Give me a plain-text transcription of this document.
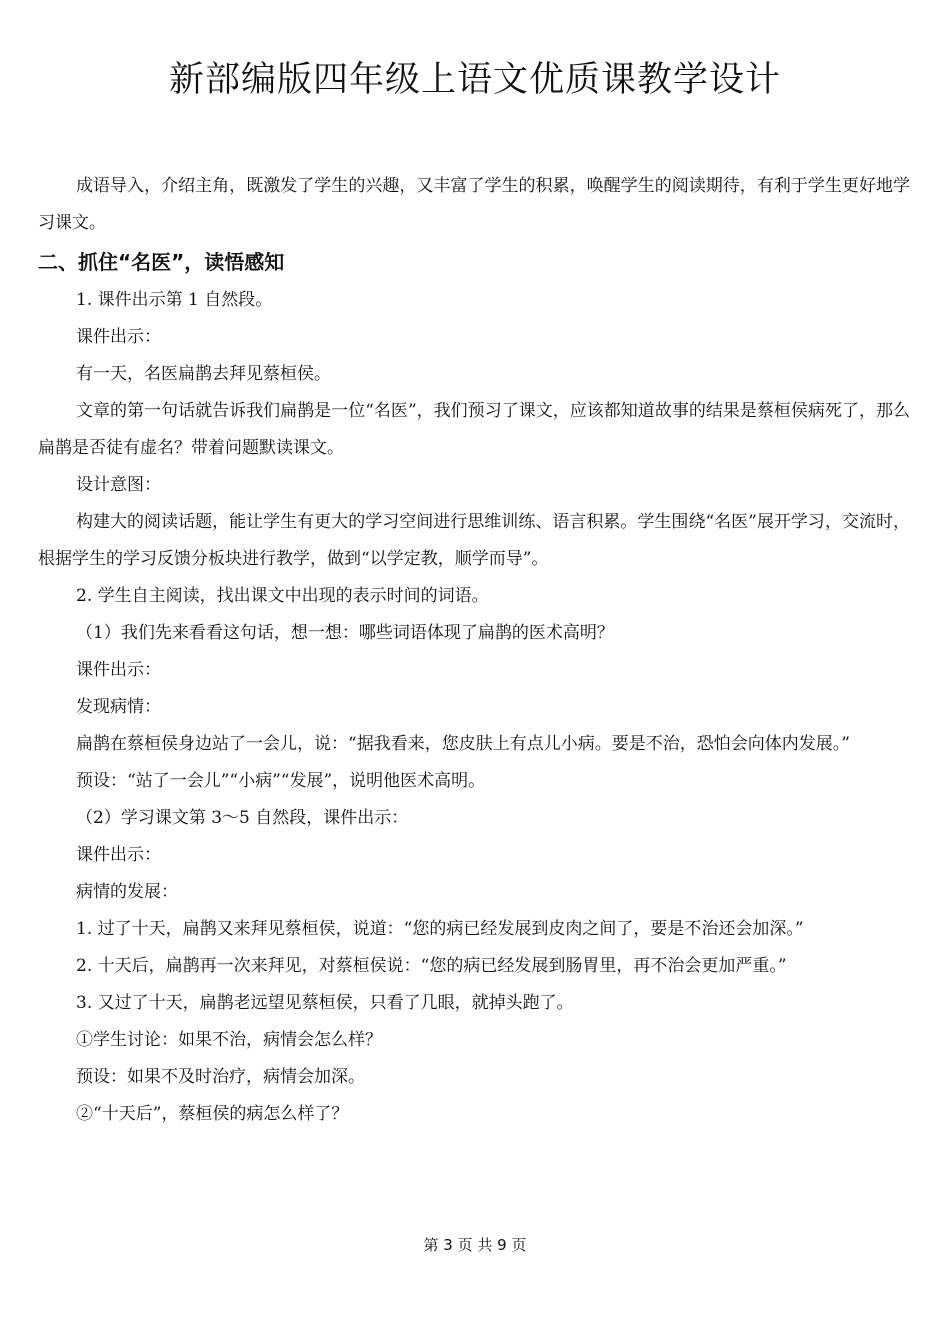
新部编版四年级上语文优质课教学设计

成语导入，介绍主角，既激发了学生的兴趣，又丰富了学生的积累，唤醒学生的阅读期待，有利于学生更好地学习课文。

二、抓住“名医”，读悟感知

1. 课件出示第 1 自然段。

课件出示：

有一天，名医扁鹊去拜见蔡桓侯。

文章的第一句话就告诉我们扁鹊是一位“名医”，我们预习了课文，应该都知道故事的结果是蔡桓侯病死了，那么扁鹊是否徒有虚名？带着问题默读课文。

设计意图：

构建大的阅读话题，能让学生有更大的学习空间进行思维训练、语言积累。学生围绕“名医”展开学习，交流时，根据学生的学习反馈分板块进行教学，做到“以学定教，顺学而导”。

2. 学生自主阅读，找出课文中出现的表示时间的词语。

（1）我们先来看看这句话，想一想：哪些词语体现了扁鹊的医术高明？

课件出示：

发现病情：

扁鹊在蔡桓侯身边站了一会儿，说：“据我看来，您皮肤上有点儿小病。要是不治，恐怕会向体内发展。”

预设：“站了一会儿”“小病”“发展”，说明他医术高明。

（2）学习课文第 3～5 自然段，课件出示：

课件出示：

病情的发展：

1. 过了十天，扁鹊又来拜见蔡桓侯，说道：“您的病已经发展到皮肉之间了，要是不治还会加深。”

2. 十天后，扁鹊再一次来拜见，对蔡桓侯说：“您的病已经发展到肠胃里，再不治会更加严重。”

3. 又过了十天，扁鹊老远望见蔡桓侯，只看了几眼，就掉头跑了。

①学生讨论：如果不治，病情会怎么样？

预设：如果不及时治疗，病情会加深。

②“十天后”，蔡桓侯的病怎么样了？

第 3 页 共 9 页
